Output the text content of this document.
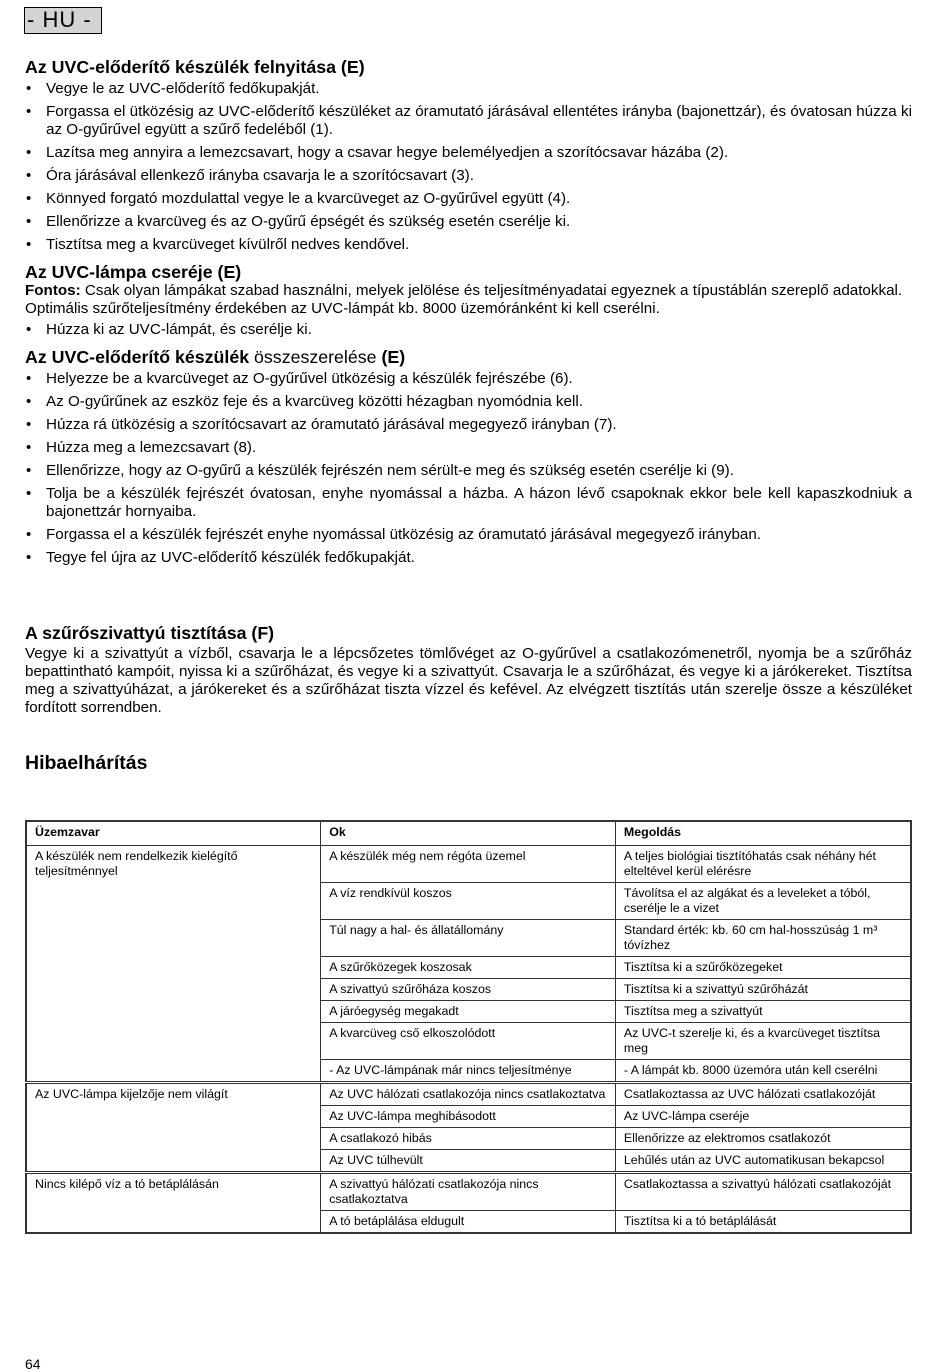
- HU -
Az UVC-előderítő készülék felnyitása (E)
• Vegye le az UVC-előderítő fedőkupakját.
• Forgassa el ütközésig az UVC-előderítő készüléket az óramutató járásával ellentétes irányba (bajonettzár), és óvatosan húzza ki az O-gyűrűvel együtt a szűrő fedeléből (1).
• Lazítsa meg annyira a lemezcsavart, hogy a csavar hegye belemélyedjen a szorítócsavar házába (2).
• Óra járásával ellenkező irányba csavarja le a szorítócsavart (3).
• Könnyed forgató mozdulattal vegye le a kvarcüveget az O-gyűrűvel együtt (4).
• Ellenőrizze a kvarcüveg és az O-gyűrű épségét és szükség esetén cserélje ki.
• Tisztítsa meg a kvarcüveget kívülről nedves kendővel.
Az UVC-lámpa cseréje (E)

Fontos: Csak olyan lámpákat szabad használni, melyek jelölése és teljesítményadatai egyeznek a típustáblán szereplő adatokkal.

Optimális szűrőteljesítmény érdekében az UVC-lámpát kb. 8000 üzemóránként ki kell cserélni.

• Húzza ki az UVC-lámpát, és cserélje ki.
Az UVC-előderítő készülék összeszerelése (E)
• Helyezze be a kvarcüveget az O-gyűrűvel ütközésig a készülék fejrészébe (6).
• Az O-gyűrűnek az eszköz feje és a kvarcüveg közötti hézagban nyomódnia kell.
• Húzza rá ütközésig a szorítócsavart az óramutató járásával megegyező irányban (7).
• Húzza meg a lemezcsavart (8).
• Ellenőrizze, hogy az O-gyűrű a készülék fejrészén nem sérült-e meg és szükség esetén cserélje ki (9).
• Tolja be a készülék fejrészét óvatosan, enyhe nyomással a házba. A házon lévő csapoknak ekkor bele kell kapaszkodniuk a bajonettzár hornyaiba.
• Forgassa el a készülék fejrészét enyhe nyomással ütközésig az óramutató járásával megegyező irányban.
• Tegye fel újra az UVC-előderítő készülék fedőkupakját.
A szűrőszivattyú tisztítása (F)

Vegye ki a szivattyút a vízből, csavarja le a lépcsőzetes tömlővéget az O-gyűrűvel a csatlakozómenetről, nyomja be a szűrőház bepattintható kampóit, nyissa ki a szűrőházat, és vegye ki a szivattyút. Csavarja le a szűrőházat, és vegye ki a járókereket. Tisztítsa meg a szivattyúházat, a járókereket és a szűrőházat tiszta vízzel és kefével. Az elvégzett tisztítás után szerelje össze a készüléket fordított sorrendben.

Hibaelhárítás
Üzemzavar	Ok	Megoldás
A készülék nem rendelkezik kielégítő teljesítménnyel	A készülék még nem régóta üzemel	A teljes biológiai tisztítóhatás csak néhány hét elteltével kerül elérésre
	A víz rendkívül koszos	Távolítsa el az algákat és a leveleket a tóból, cserélje le a vizet
	Túl nagy a hal- és állatállomány	Standard érték: kb. 60 cm hal-hosszúság 1 m³ tóvízhez
	A szűrőközegek koszosak	Tisztítsa ki a szűrőközegeket
	A szivattyú szűrőháza koszos	Tisztítsa ki a szivattyú szűrőházát
	A járóegység megakadt	Tisztítsa meg a szivattyút
	A kvarcüveg cső elkoszolódott	Az UVC-t szerelje ki, és a kvarcüveget tisztítsa meg
	- Az UVC-lámpának már nincs teljesítménye	- A lámpát kb. 8000 üzemóra után kell cserélni
Az UVC-lámpa kijelzője nem világít	Az UVC hálózati csatlakozója nincs csatlakoztatva	Csatlakoztassa az UVC hálózati csatlakozóját
	Az UVC-lámpa meghibásodott	Az UVC-lámpa cseréje
	A csatlakozó hibás	Ellenőrizze az elektromos csatlakozót
	Az UVC túlhevült	Lehűlés után az UVC automatikusan bekapcsol
Nincs kilépő víz a tó betáplálásán	A szivattyú hálózati csatlakozója nincs csatlakoztatva	Csatlakoztassa a szivattyú hálózati csatlakozóját
	A tó betáplálása eldugult	Tisztítsa ki a tó betáplálását
64
